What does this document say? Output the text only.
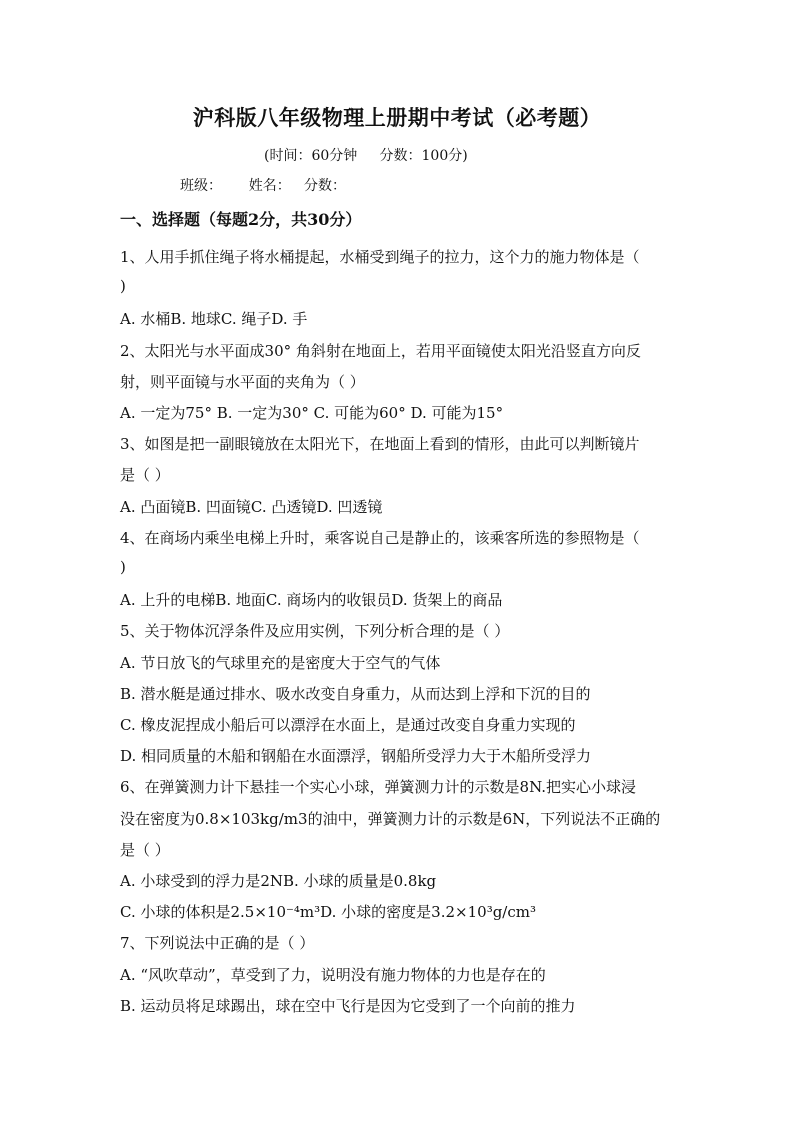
沪科版八年级物理上册期中考试（必考题）
(时间：60分钟     分数：100分)
班级：      姓名：   分数：
一、选择题（每题2分，共30分）
1、人用手抓住绳子将水桶提起，水桶受到绳子的拉力，这个力的施力物体是（
)
A. 水桶B. 地球C. 绳子D. 手
2、太阳光与水平面成30° 角斜射在地面上，若用平面镜使太阳光沿竖直方向反
射，则平面镜与水平面的夹角为（ ）
A. 一定为75° B. 一定为30° C. 可能为60° D. 可能为15°
3、如图是把一副眼镜放在太阳光下，在地面上看到的情形，由此可以判断镜片
是（ ）
A. 凸面镜B. 凹面镜C. 凸透镜D. 凹透镜
4、在商场内乘坐电梯上升时，乘客说自己是静止的，该乘客所选的参照物是（
)
A. 上升的电梯B. 地面C. 商场内的收银员D. 货架上的商品
5、关于物体沉浮条件及应用实例，下列分析合理的是（ ）
A. 节日放飞的气球里充的是密度大于空气的气体
B. 潜水艇是通过排水、吸水改变自身重力，从而达到上浮和下沉的目的
C. 橡皮泥捏成小船后可以漂浮在水面上，是通过改变自身重力实现的
D. 相同质量的木船和钢船在水面漂浮，钢船所受浮力大于木船所受浮力
6、在弹簧测力计下悬挂一个实心小球，弹簧测力计的示数是8N.把实心小球浸
没在密度为0.8×103kg/m3的油中，弹簧测力计的示数是6N，下列说法不正确的
是（ ）
A. 小球受到的浮力是2NB. 小球的质量是0.8kg
C. 小球的体积是2.5×10⁻⁴m³D. 小球的密度是3.2×10³g/cm³
7、下列说法中正确的是（ ）
A. “风吹草动”，草受到了力，说明没有施力物体的力也是存在的
B. 运动员将足球踢出，球在空中飞行是因为它受到了一个向前的推力
